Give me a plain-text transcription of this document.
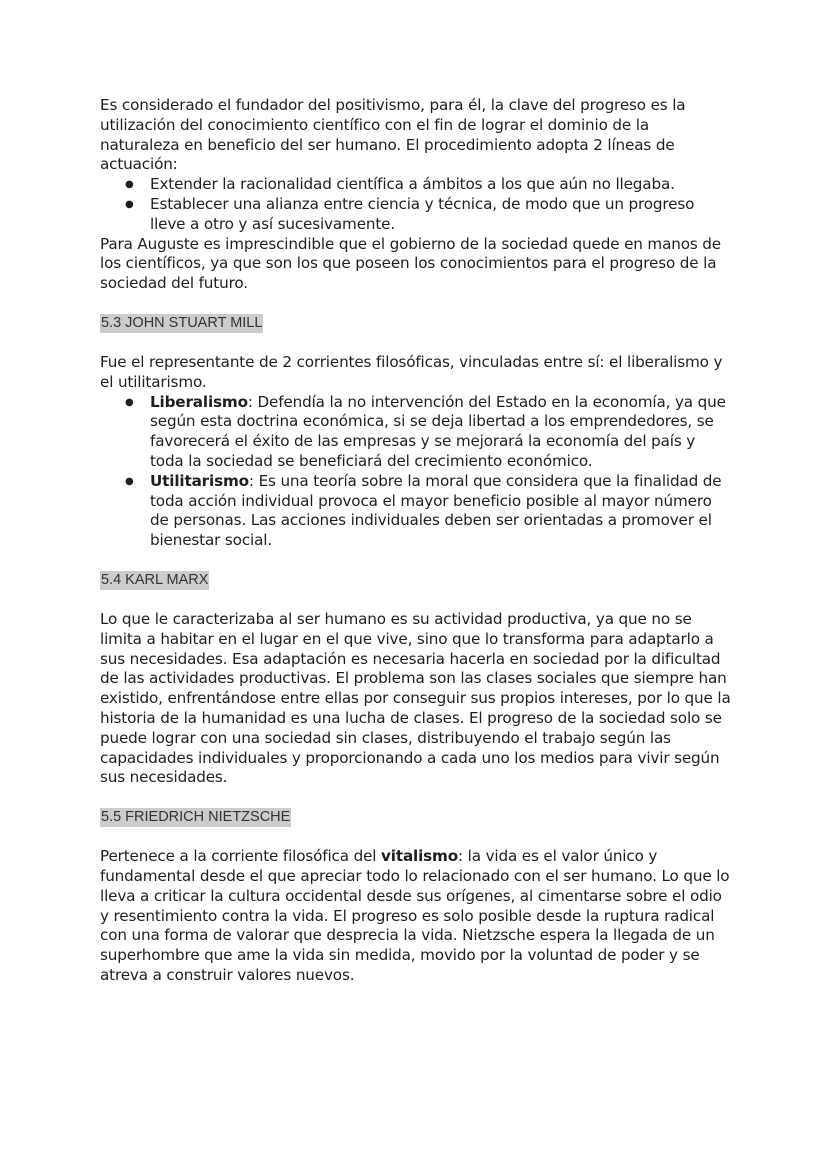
Es considerado el fundador del positivismo, para él, la clave del progreso es la utilización del conocimiento científico con el fin de lograr el dominio de la naturaleza en beneficio del ser humano. El procedimiento adopta 2 líneas de actuación:

● Extender la racionalidad científica a ámbitos a los que aún no llegaba.
● Establecer una alianza entre ciencia y técnica, de modo que un progreso lleve a otro y así sucesivamente.

Para Auguste es imprescindible que el gobierno de la sociedad quede en manos de los científicos, ya que son los que poseen los conocimientos para el progreso de la sociedad del futuro.

5.3 JOHN STUART MILL

Fue el representante de 2 corrientes filosóficas, vinculadas entre sí: el liberalismo y el utilitarismo.

● Liberalismo: Defendía la no intervención del Estado en la economía, ya que según esta doctrina económica, si se deja libertad a los emprendedores, se favorecerá el éxito de las empresas y se mejorará la economía del país y toda la sociedad se beneficiará del crecimiento económico.
● Utilitarismo: Es una teoría sobre la moral que considera que la finalidad de toda acción individual provoca el mayor beneficio posible al mayor número de personas. Las acciones individuales deben ser orientadas a promover el bienestar social.
5.4 KARL MARX

Lo que le caracterizaba al ser humano es su actividad productiva, ya que no se limita a habitar en el lugar en el que vive, sino que lo transforma para adaptarlo a sus necesidades. Esa adaptación es necesaria hacerla en sociedad por la dificultad de las actividades productivas. El problema son las clases sociales que siempre han existido, enfrentándose entre ellas por conseguir sus propios intereses, por lo que la historia de la humanidad es una lucha de clases. El progreso de la sociedad solo se puede lograr con una sociedad sin clases, distribuyendo el trabajo según las capacidades individuales y proporcionando a cada uno los medios para vivir según sus necesidades.

5.5 FRIEDRICH NIETZSCHE

Pertenece a la corriente filosófica del vitalismo: la vida es el valor único y fundamental desde el que apreciar todo lo relacionado con el ser humano. Lo que lo lleva a criticar la cultura occidental desde sus orígenes, al cimentarse sobre el odio y resentimiento contra la vida. El progreso es solo posible desde la ruptura radical con una forma de valorar que desprecia la vida. Nietzsche espera la llegada de un superhombre que ame la vida sin medida, movido por la voluntad de poder y se atreva a construir valores nuevos.
